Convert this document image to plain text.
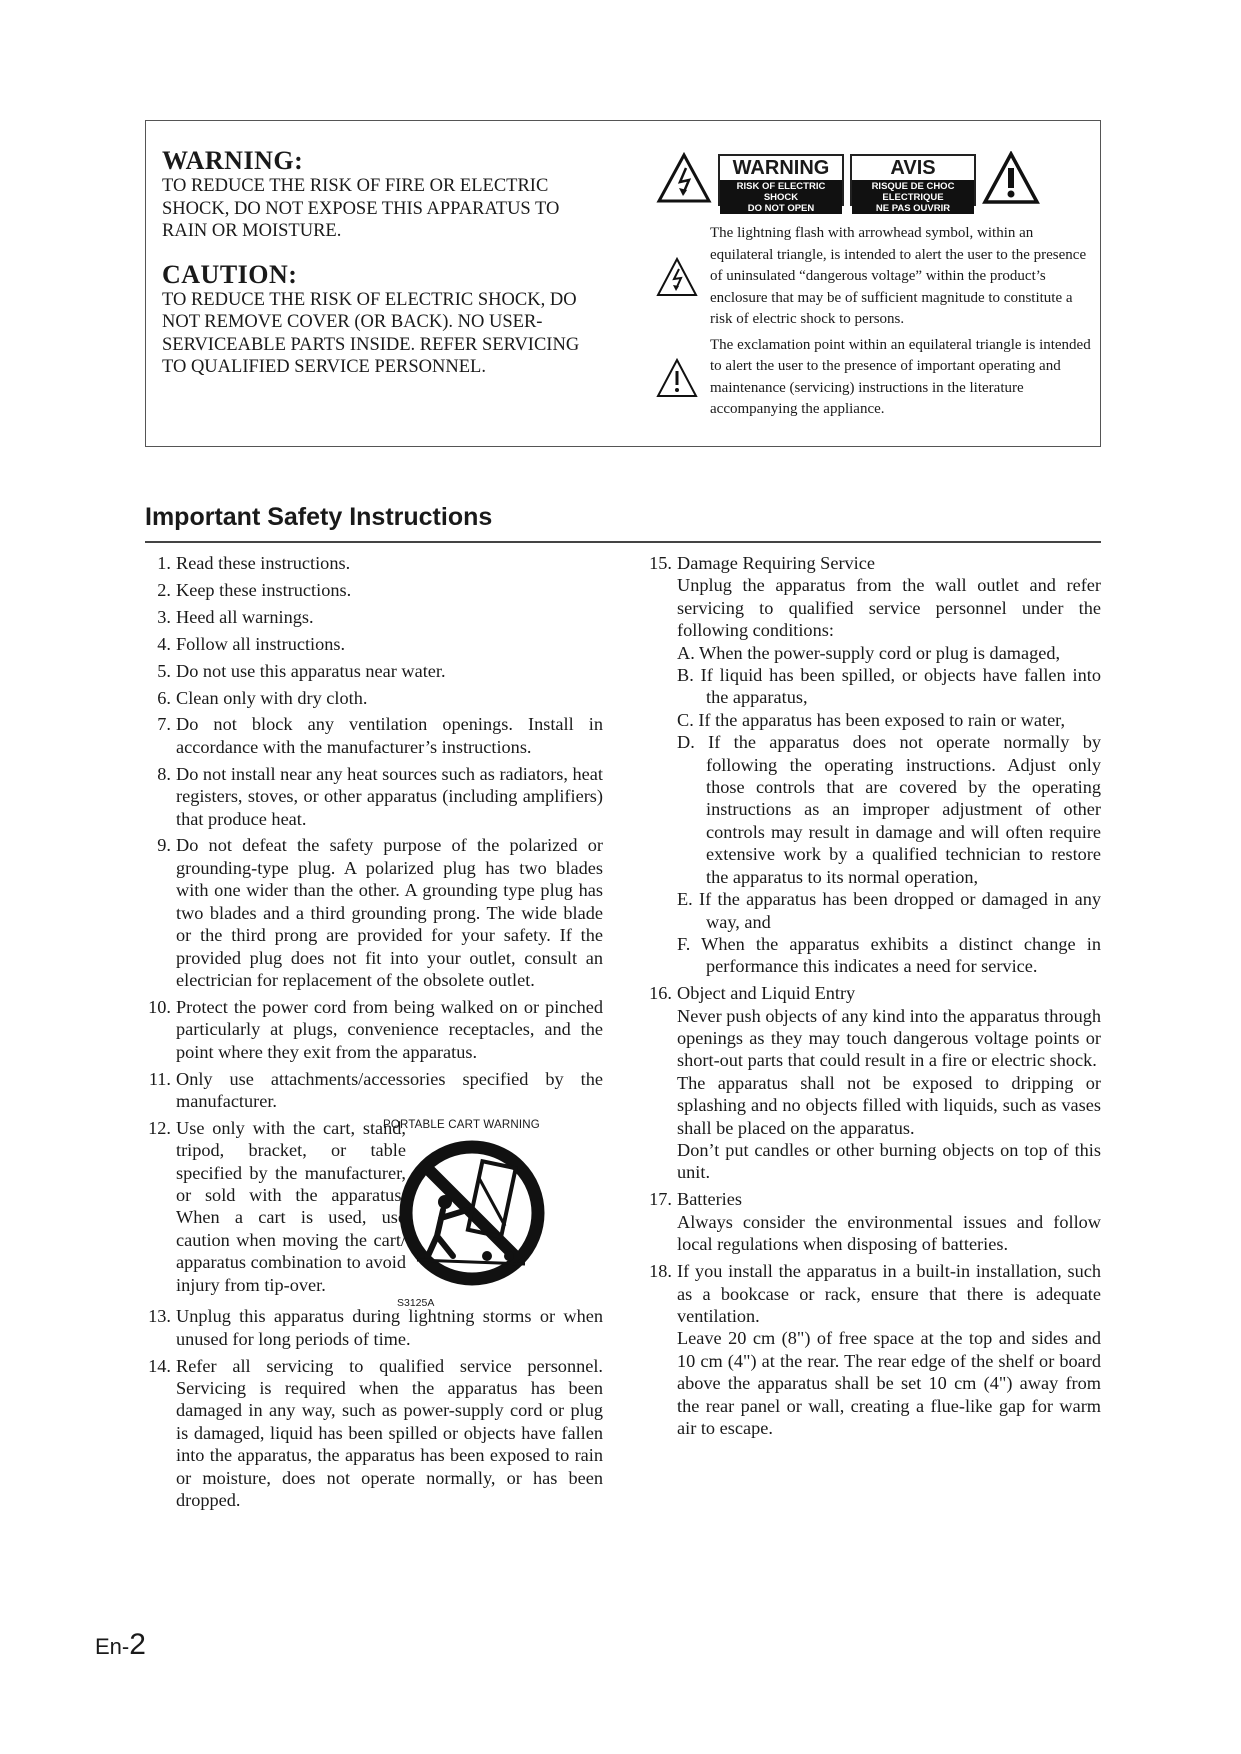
WARNING:

TO REDUCE THE RISK OF FIRE OR ELECTRIC SHOCK, DO NOT EXPOSE THIS APPARATUS TO RAIN OR MOISTURE.

CAUTION:

TO REDUCE THE RISK OF ELECTRIC SHOCK, DO NOT REMOVE COVER (OR BACK). NO USER-SERVICEABLE PARTS INSIDE. REFER SERVICING TO QUALIFIED SERVICE PERSONNEL.

WARNING
RISK OF ELECTRIC SHOCK
DO NOT OPEN
AVIS
RISQUE DE CHOC ELECTRIQUE
NE PAS OUVRIR
The lightning flash with arrowhead symbol, within an equilateral triangle, is intended to alert the user to the presence of uninsulated “dangerous voltage” within the product’s enclosure that may be of sufficient magnitude to constitute a risk of electric shock to persons.
The exclamation point within an equilateral triangle is intended to alert the user to the presence of important operating and maintenance (servicing) instructions in the literature accompanying the appliance.
Important Safety Instructions
1. Read these instructions.
2. Keep these instructions.
3. Heed all warnings.
4. Follow all instructions.
5. Do not use this apparatus near water.
6. Clean only with dry cloth.
7. Do not block any ventilation openings. Install in accordance with the manufacturer’s instructions.
8. Do not install near any heat sources such as radiators, heat registers, stoves, or other apparatus (including amplifiers) that produce heat.
9. Do not defeat the safety purpose of the polarized or grounding-type plug. A polarized plug has two blades with one wider than the other. A grounding type plug has two blades and a third grounding prong. The wide blade or the third prong are provided for your safety. If the provided plug does not fit into your outlet, consult an electrician for replacement of the obsolete outlet.
10. Protect the power cord from being walked on or pinched particularly at plugs, convenience receptacles, and the point where they exit from the apparatus.
11. Only use attachments/accessories specified by the manufacturer.
12. Use only with the cart, stand, tripod, bracket, or table specified by the manufacturer, or sold with the apparatus. When a cart is used, use caution when moving the cart/ apparatus combination to avoid injury from tip-over.
PORTABLE CART WARNING
S3125A
13. Unplug this apparatus during lightning storms or when unused for long periods of time.
14. Refer all servicing to qualified service personnel. Servicing is required when the apparatus has been damaged in any way, such as power-supply cord or plug is damaged, liquid has been spilled or objects have fallen into the apparatus, the apparatus has been exposed to rain or moisture, does not operate normally, or has been dropped.
15. Damage Requiring Service

Unplug the apparatus from the wall outlet and refer servicing to qualified service personnel under the following conditions:

A. When the power-supply cord or plug is damaged,

B. If liquid has been spilled, or objects have fallen into the apparatus,

C. If the apparatus has been exposed to rain or water,

D. If the apparatus does not operate normally by following the operating instructions. Adjust only those controls that are covered by the operating instructions as an improper adjustment of other controls may result in damage and will often require extensive work by a qualified technician to restore the apparatus to its normal operation,

E. If the apparatus has been dropped or damaged in any way, and

F. When the apparatus exhibits a distinct change in performance this indicates a need for service.

16. Object and Liquid Entry

Never push objects of any kind into the apparatus through openings as they may touch dangerous voltage points or short-out parts that could result in a fire or electric shock.

The apparatus shall not be exposed to dripping or splashing and no objects filled with liquids, such as vases shall be placed on the apparatus.

Don’t put candles or other burning objects on top of this unit.

17. Batteries

Always consider the environmental issues and follow local regulations when disposing of batteries.

18. If you install the apparatus in a built-in installation, such as a bookcase or rack, ensure that there is adequate ventilation.

Leave 20 cm (8") of free space at the top and sides and 10 cm (4") at the rear. The rear edge of the shelf or board above the apparatus shall be set 10 cm (4") away from the rear panel or wall, creating a flue-like gap for warm air to escape.

En-2
